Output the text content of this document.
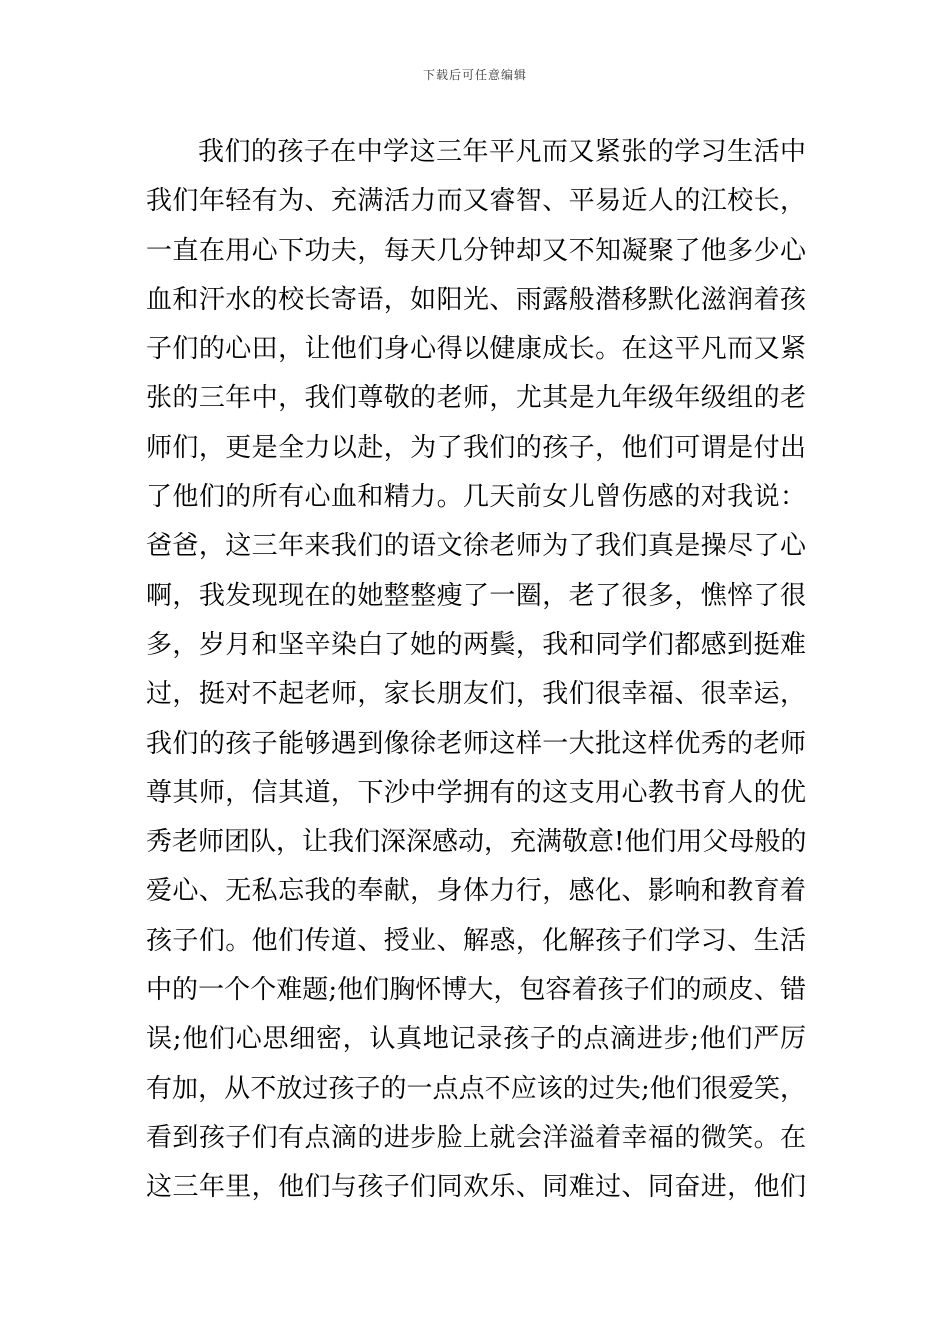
下载后可任意编辑
我们的孩子在中学这三年平凡而又紧张的学习生活中
我们年轻有为、充满活力而又睿智、平易近人的江校长，
一直在用心下功夫，每天几分钟却又不知凝聚了他多少心
血和汗水的校长寄语，如阳光、雨露般潜移默化滋润着孩
子们的心田，让他们身心得以健康成长。在这平凡而又紧
张的三年中，我们尊敬的老师，尤其是九年级年级组的老
师们，更是全力以赴，为了我们的孩子，他们可谓是付出
了他们的所有心血和精力。几天前女儿曾伤感的对我说：
爸爸，这三年来我们的语文徐老师为了我们真是操尽了心
啊，我发现现在的她整整瘦了一圈，老了很多，憔悴了很
多，岁月和坚辛染白了她的两鬓，我和同学们都感到挺难
过，挺对不起老师，家长朋友们，我们很幸福、很幸运，
我们的孩子能够遇到像徐老师这样一大批这样优秀的老师
尊其师，信其道，下沙中学拥有的这支用心教书育人的优
秀老师团队，让我们深深感动，充满敬意!他们用父母般的
爱心、无私忘我的奉献，身体力行，感化、影响和教育着
孩子们。他们传道、授业、解惑，化解孩子们学习、生活
中的一个个难题;他们胸怀博大，包容着孩子们的顽皮、错
误;他们心思细密，认真地记录孩子的点滴进步;他们严厉
有加，从不放过孩子的一点点不应该的过失;他们很爱笑，
看到孩子们有点滴的进步脸上就会洋溢着幸福的微笑。在
这三年里，他们与孩子们同欢乐、同难过、同奋进，他们
